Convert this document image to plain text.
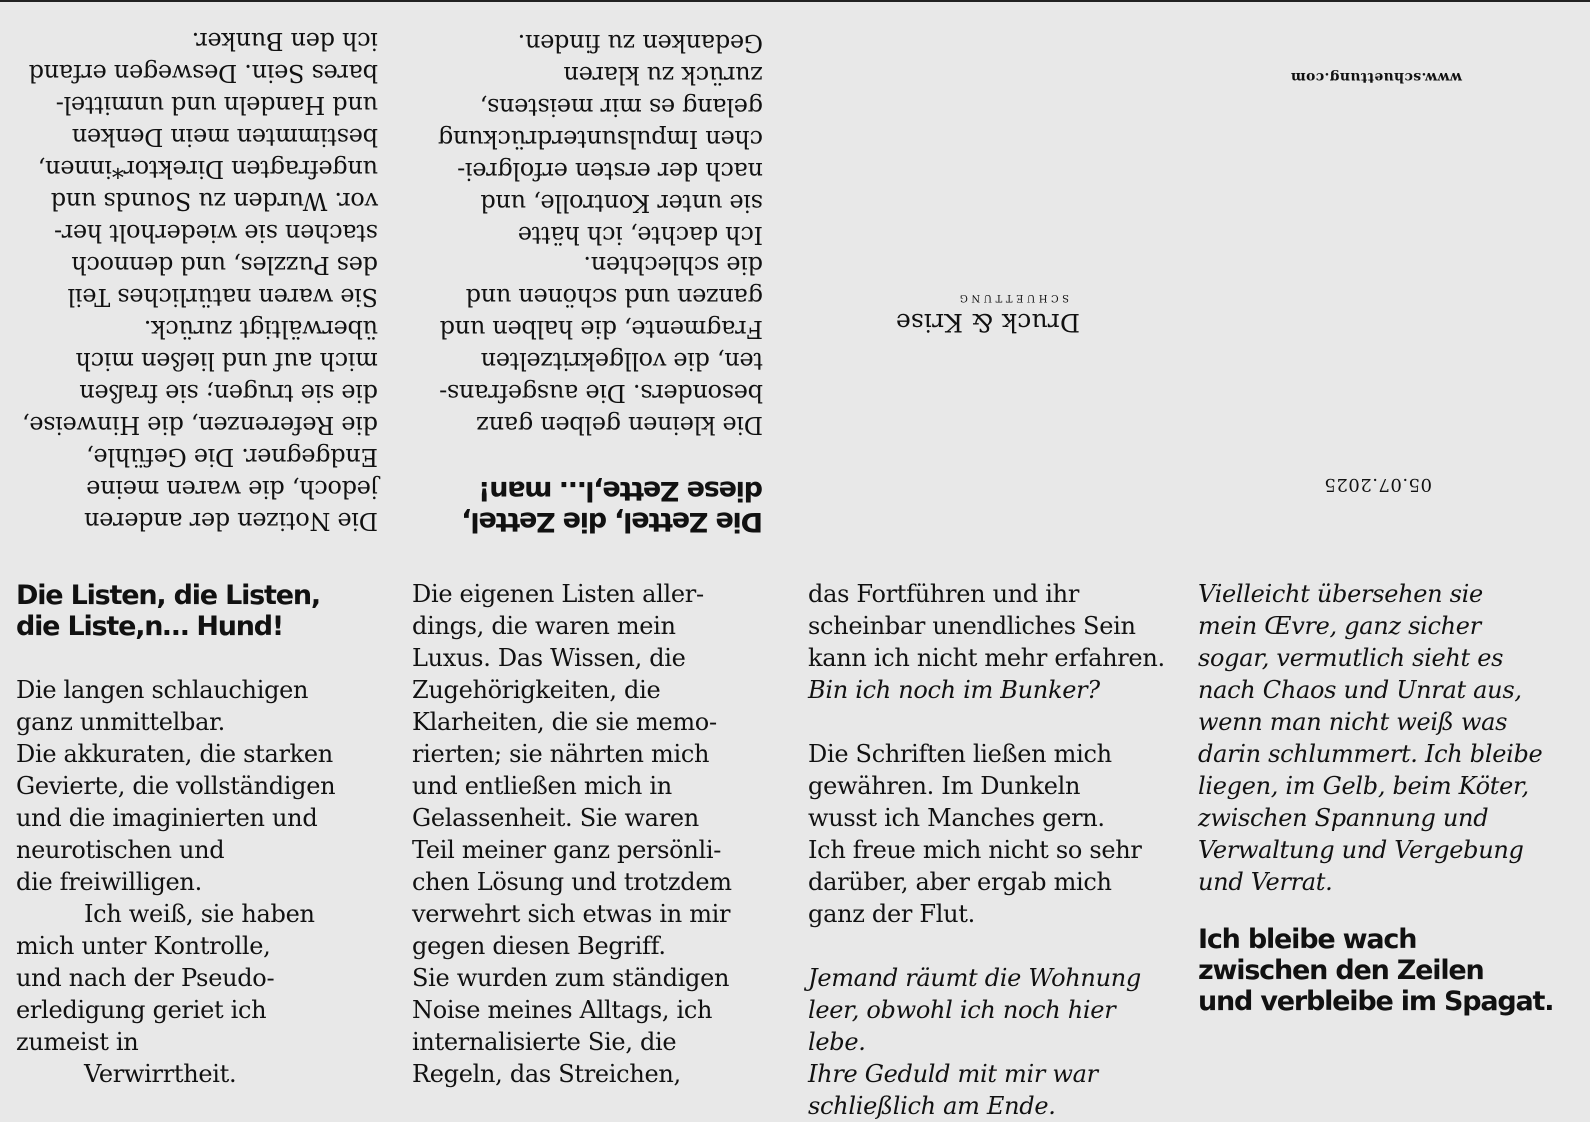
05.07.2025
Druck & Krise
SCHUETTUNG
Die Zettel, die Zettel,
diese Zette,l… man!
Die kleinen gelben ganz
besonders. Die ausgefrans-
ten, die vollgekritzelten
Fragmente, die halben und
ganzen und schönen und
die schlechten.
Ich dachte, ich hätte
sie unter Kontrolle, und
nach der ersten erfolgrei-
chen Impulsunterdrückung
gelang es mir meistens,
zurück zu klaren
Gedanken zu finden.
Die Notizen der anderen
jedoch, die waren meine
Endgegner. Die Gefühle,
die Referenzen, die Hinweise,
die sie trugen; sie fraßen
mich auf und ließen mich
überwältigt zurück.
Sie waren natürliches Teil
des Puzzles, und dennoch
stachen sie wiederholt her-
vor. Wurden zu Sounds und
ungefragten Direktor*innen,
bestimmten mein Denken
und Handeln und unmittel-
bares Sein. Deswegen erfand
ich den Bunker.
www.schuettung.com
Die Listen, die Listen,
die Liste,n… Hund!
Die langen schlauchigen
ganz unmittelbar.
Die akkuraten, die starken
Gevierte, die vollständigen
und die imaginierten und
neurotischen und
die freiwilligen.
Ich weiß, sie haben
mich unter Kontrolle,
und nach der Pseudo-
erledigung geriet ich
zumeist in
Verwirrtheit.
Die eigenen Listen aller-
dings, die waren mein
Luxus. Das Wissen, die
Zugehörigkeiten, die
Klarheiten, die sie memo-
rierten; sie nährten mich
und entließen mich in
Gelassenheit. Sie waren
Teil meiner ganz persönli-
chen Lösung und trotzdem
verwehrt sich etwas in mir
gegen diesen Begriff.
Sie wurden zum ständigen
Noise meines Alltags, ich
internalisierte Sie, die
Regeln, das Streichen,
das Fortführen und ihr
scheinbar unendliches Sein
kann ich nicht mehr erfahren.
Bin ich noch im Bunker?
Die Schriften ließen mich
gewähren. Im Dunkeln
wusst ich Manches gern.
Ich freue mich nicht so sehr
darüber, aber ergab mich
ganz der Flut.
Jemand räumt die Wohnung
leer, obwohl ich noch hier lebe.
Ihre Geduld mit mir war
schließlich am Ende.
Vielleicht übersehen sie
mein Œvre, ganz sicher
sogar, vermutlich sieht es
nach Chaos und Unrat aus,
wenn man nicht weiß was
darin schlummert. Ich bleibe
liegen, im Gelb, beim Köter,
zwischen Spannung und
Verwaltung und Vergebung
und Verrat.
Ich bleibe wach
zwischen den Zeilen
und verbleibe im Spagat.
